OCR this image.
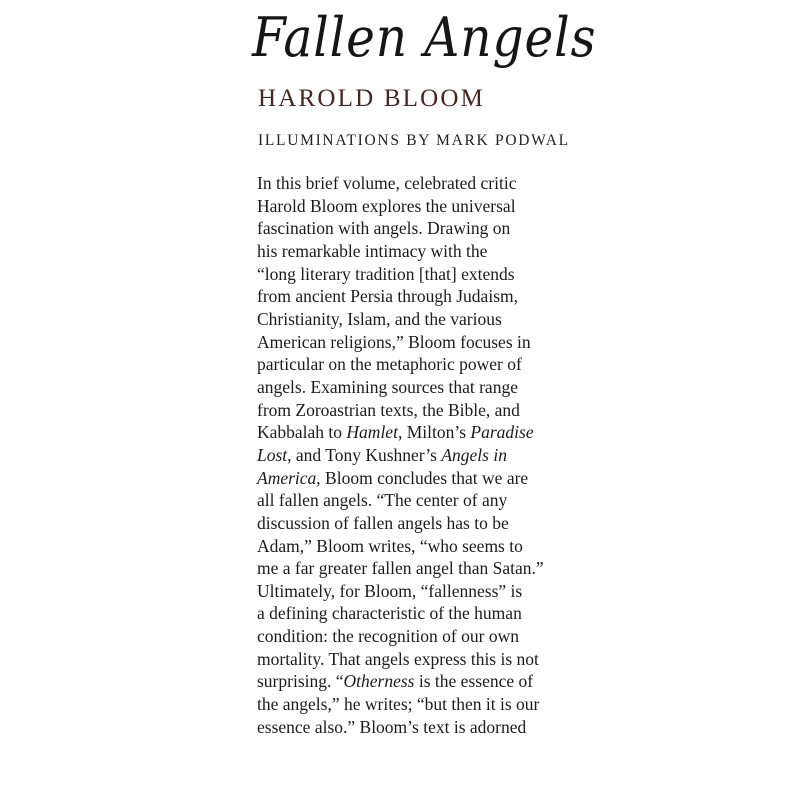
Fallen Angels
HAROLD BLOOM
ILLUMINATIONS BY MARK PODWAL
In this brief volume, celebrated critic
Harold Bloom explores the universal
fascination with angels. Drawing on
his remarkable intimacy with the
“long literary tradition [that] extends
from ancient Persia through Judaism,
Christianity, Islam, and the various
American religions,” Bloom focuses in
particular on the metaphoric power of
angels. Examining sources that range
from Zoroastrian texts, the Bible, and
Kabbalah to Hamlet, Milton’s Paradise
Lost, and Tony Kushner’s Angels in
America, Bloom concludes that we are
all fallen angels. “The center of any
discussion of fallen angels has to be
Adam,” Bloom writes, “who seems to
me a far greater fallen angel than Satan.”
Ultimately, for Bloom, “fallenness” is
a defining characteristic of the human
condition: the recognition of our own
mortality. That angels express this is not
surprising. “Otherness is the essence of
the angels,” he writes; “but then it is our
essence also.” Bloom’s text is adorned
